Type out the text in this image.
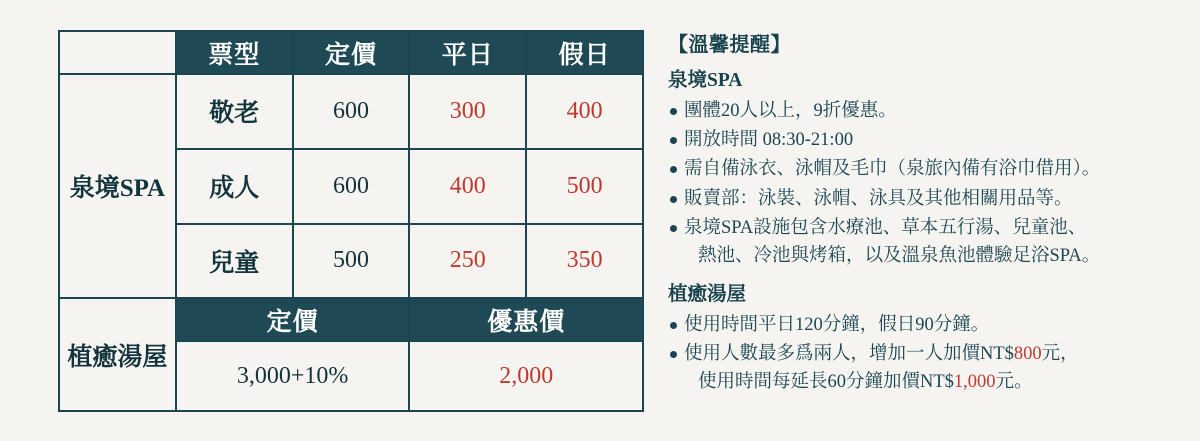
	票型	定價	平日	假日
泉境SPA	敬老	600	300	400
	成人	600	400	500
	兒童	500	250	350
植癒湯屋	定價		優惠價	
	3,000+10%		2,000	
【溫馨提醒】
泉境SPA
團體20人以上，9折優惠。
開放時間 08:30-21:00
需自備泳衣、泳帽及毛巾（泉旅內備有浴巾借用）。
販賣部：泳裝、泳帽、泳具及其他相關用品等。
泉境SPA設施包含水療池、草本五行湯、兒童池、
熱池、冷池與烤箱，以及溫泉魚池體驗足浴SPA。
植癒湯屋
使用時間平日120分鐘，假日90分鐘。
使用人數最多爲兩人，增加一人加價NT$800元，
使用時間每延長60分鐘加價NT$1,000元。
